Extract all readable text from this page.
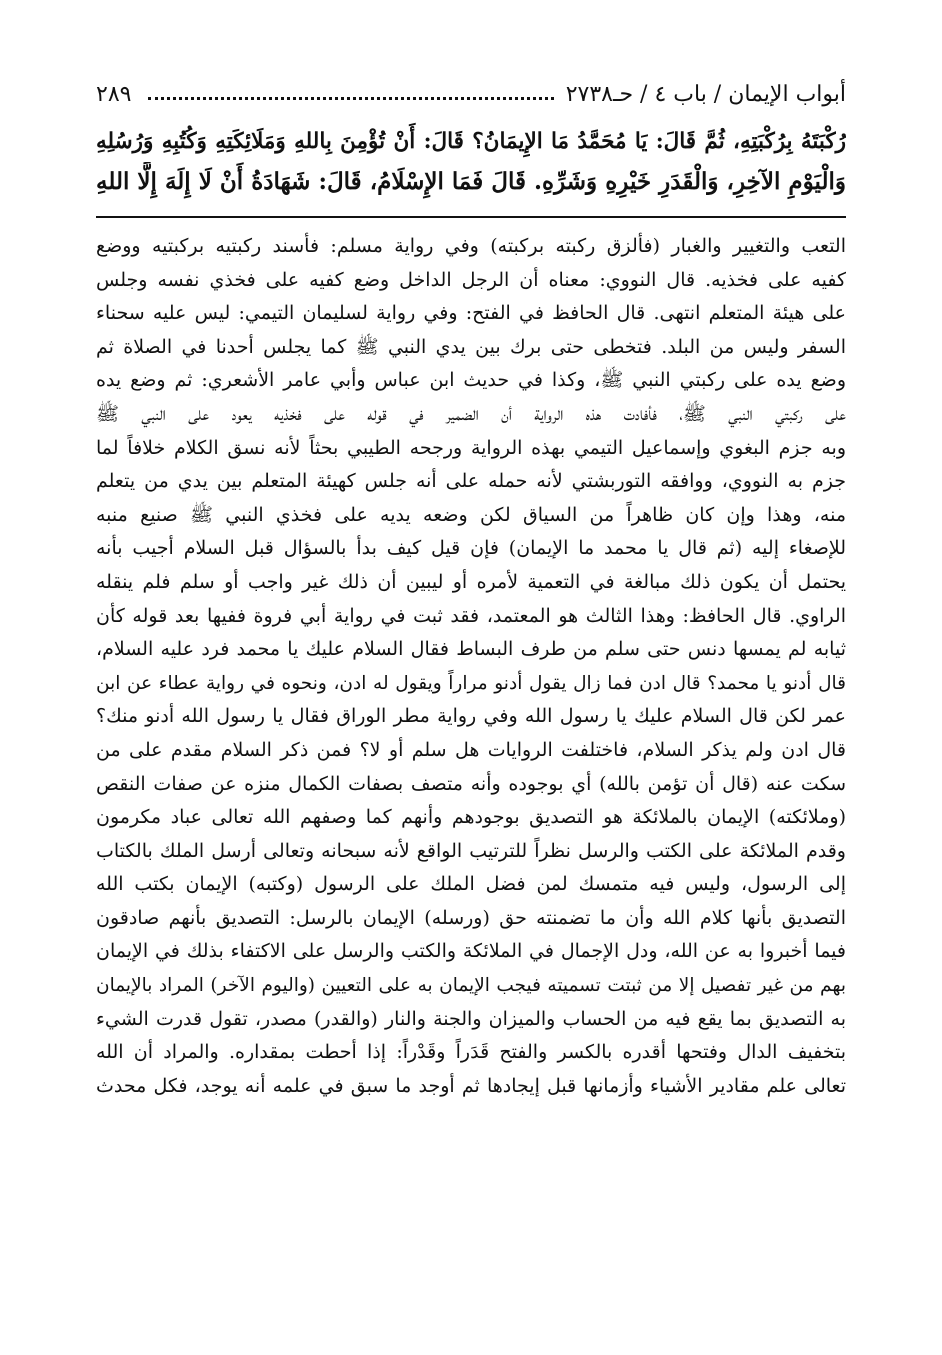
أبواب الإيمان / باب ٤ / حـ٢٧٣٨
٢٨٩
رُكْبَتَهُ بِرُكْبَتِهِ، ثُمَّ قَالَ: يَا مُحَمَّدُ مَا الإِيمَانُ؟ قَالَ: أَنْ تُؤْمِنَ بِاللهِ وَمَلَائِكَتِهِ وَكُتُبِهِ وَرُسُلِهِ
وَالْيَوْمِ الآخِرِ، وَالْقَدَرِ خَيْرِهِ وَشَرِّهِ. قَالَ فَمَا الإِسْلَامُ، قَالَ: شَهَادَةُ أَنْ لَا إِلَهَ إِلَّا اللهِ
التعب والتغيير والغبار (فألزق ركبته بركبته) وفي رواية مسلم: فأسند ركبتيه بركبتيه ووضع
كفيه على فخذيه. قال النووي: معناه أن الرجل الداخل وضع كفيه على فخذي نفسه وجلس
على هيئة المتعلم انتهى. قال الحافظ في الفتح: وفي رواية لسليمان التيمي: ليس عليه سحناء
السفر وليس من البلد. فتخطى حتى برك بين يدي النبي ﷺ كما يجلس أحدنا في الصلاة ثم
وضع يده على ركبتي النبي ﷺ، وكذا في حديث ابن عباس وأبي عامر الأشعري: ثم وضع يده
على ركبتي النبي ﷺ، فأفادت هذه الرواية أن الضمير في قوله على فخذيه يعود على النبي ﷺ
وبه جزم البغوي وإسماعيل التيمي بهذه الرواية ورجحه الطيبي بحثاً لأنه نسق الكلام خلافاً لما
جزم به النووي، ووافقه التوربشتي لأنه حمله على أنه جلس كهيئة المتعلم بين يدي من يتعلم
منه، وهذا وإن كان ظاهراً من السياق لكن وضعه يديه على فخذي النبي ﷺ صنيع منبه
للإصغاء إليه (ثم قال يا محمد ما الإيمان) فإن قيل كيف بدأ بالسؤال قبل السلام أجيب بأنه
يحتمل أن يكون ذلك مبالغة في التعمية لأمره أو ليبين أن ذلك غير واجب أو سلم فلم ينقله
الراوي. قال الحافظ: وهذا الثالث هو المعتمد، فقد ثبت في رواية أبي فروة ففيها بعد قوله كأن
ثيابه لم يمسها دنس حتى سلم من طرف البساط فقال السلام عليك يا محمد فرد عليه السلام،
قال أدنو يا محمد؟ قال ادن فما زال يقول أدنو مراراً ويقول له ادن، ونحوه في رواية عطاء عن ابن
عمر لكن قال السلام عليك يا رسول الله وفي رواية مطر الوراق فقال يا رسول الله أدنو منك؟
قال ادن ولم يذكر السلام، فاختلفت الروايات هل سلم أو لا؟ فمن ذكر السلام مقدم على من
سكت عنه (قال أن تؤمن بالله) أي بوجوده وأنه متصف بصفات الكمال منزه عن صفات النقص
(وملائكته) الإيمان بالملائكة هو التصديق بوجودهم وأنهم كما وصفهم الله تعالى عباد مكرمون
وقدم الملائكة على الكتب والرسل نظراً للترتيب الواقع لأنه سبحانه وتعالى أرسل الملك بالكتاب
إلى الرسول، وليس فيه متمسك لمن فضل الملك على الرسول (وكتبه) الإيمان بكتب الله
التصديق بأنها كلام الله وأن ما تضمنته حق (ورسله) الإيمان بالرسل: التصديق بأنهم صادقون
فيما أخبروا به عن الله، ودل الإجمال في الملائكة والكتب والرسل على الاكتفاء بذلك في الإيمان
بهم من غير تفصيل إلا من ثبتت تسميته فيجب الإيمان به على التعيين (واليوم الآخر) المراد بالإيمان
به التصديق بما يقع فيه من الحساب والميزان والجنة والنار (والقدر) مصدر، تقول قدرت الشيء
بتخفيف الدال وفتحها أقدره بالكسر والفتح قَدَراً وقَدْراً: إذا أحطت بمقداره. والمراد أن الله
تعالى علم مقادير الأشياء وأزمانها قبل إيجادها ثم أوجد ما سبق في علمه أنه يوجد، فكل محدث
